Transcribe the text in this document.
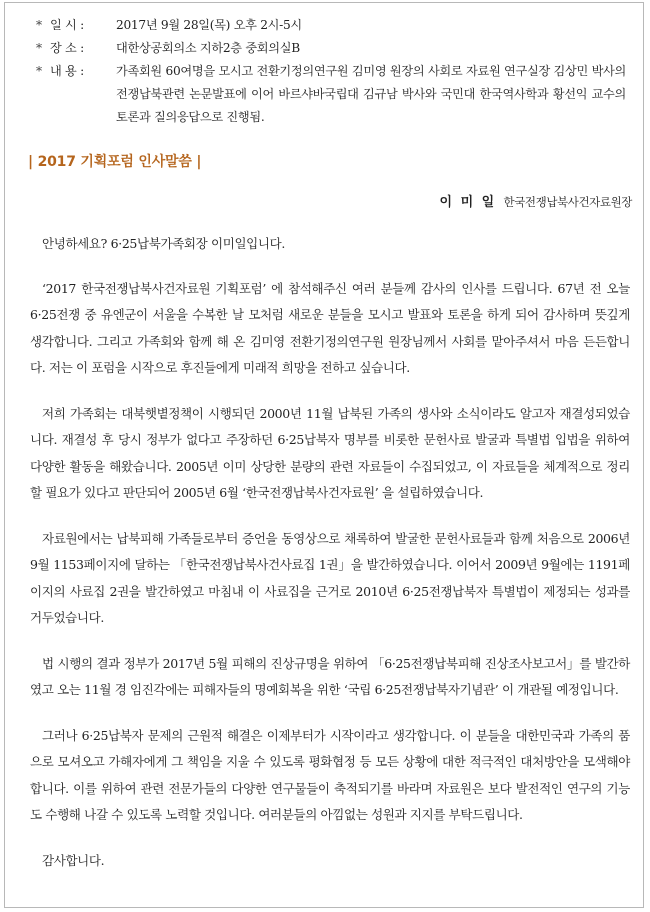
* 일 시 :	2017년 9월 28일(목) 오후 2시-5시
* 장 소 :	대한상공회의소 지하2층 중회의실B
* 내 용 :	가족회원 60여명을 모시고 전환기정의연구원 김미영 원장의 사회로 자료원 연구실장 김상민 박사의 전쟁납북관련 논문발표에 이어 바르샤바국립대 김규남 박사와 국민대 한국역사학과 황선익 교수의 토론과 질의응답으로 진행됨.
| 2017 기획포럼 인사말씀 |
이 미 일 한국전쟁납북사건자료원장

안녕하세요? 6·25납북가족회장 이미일입니다.

‘2017 한국전쟁납북사건자료원 기획포럼’ 에 참석해주신 여러 분들께 감사의 인사를 드립니다. 67년 전 오늘 6·25전쟁 중 유엔군이 서울을 수복한 날 모처럼 새로운 분들을 모시고 발표와 토론을 하게 되어 감사하며 뜻깊게 생각합니다. 그리고 가족회와 함께 해 온 김미영 전환기정의연구원 원장님께서 사회를 맡아주셔서 마음 든든합니다. 저는 이 포럼을 시작으로 후진들에게 미래적 희망을 전하고 싶습니다.

저희 가족회는 대북햇볕정책이 시행되던 2000년 11월 납북된 가족의 생사와 소식이라도 알고자 재결성되었습니다. 재결성 후 당시 정부가 없다고 주장하던 6·25납북자 명부를 비롯한 문헌사료 발굴과 특별법 입법을 위하여 다양한 활동을 해왔습니다. 2005년 이미 상당한 분량의 관련 자료들이 수집되었고, 이 자료들을 체계적으로 정리할 필요가 있다고 판단되어 2005년 6월 ‘한국전쟁납북사건자료원’ 을 설립하였습니다.

자료원에서는 납북피해 가족들로부터 증언을 동영상으로 채록하여 발굴한 문헌사료들과 함께 처음으로 2006년 9월 1153페이지에 달하는 「한국전쟁납북사건사료집 1권」을 발간하였습니다. 이어서 2009년 9월에는 1191페이지의 사료집 2권을 발간하였고 마침내 이 사료집을 근거로 2010년 6·25전쟁납북자 특별법이 제정되는 성과를 거두었습니다.

법 시행의 결과 정부가 2017년 5월 피해의 진상규명을 위하여 「6·25전쟁납북피해 진상조사보고서」를 발간하였고 오는 11월 경 임진각에는 피해자들의 명예회복을 위한 ‘국립 6·25전쟁납북자기념관’ 이 개관될 예정입니다.

그러나 6·25납북자 문제의 근원적 해결은 이제부터가 시작이라고 생각합니다. 이 분들을 대한민국과 가족의 품으로 모셔오고 가해자에게 그 책임을 지울 수 있도록 평화협정 등 모든 상황에 대한 적극적인 대처방안을 모색해야 합니다. 이를 위하여 관련 전문가들의 다양한 연구물들이 축적되기를 바라며 자료원은 보다 발전적인 연구의 기능도 수행해 나갈 수 있도록 노력할 것입니다. 여러분들의 아낌없는 성원과 지지를 부탁드립니다.

감사합니다.
